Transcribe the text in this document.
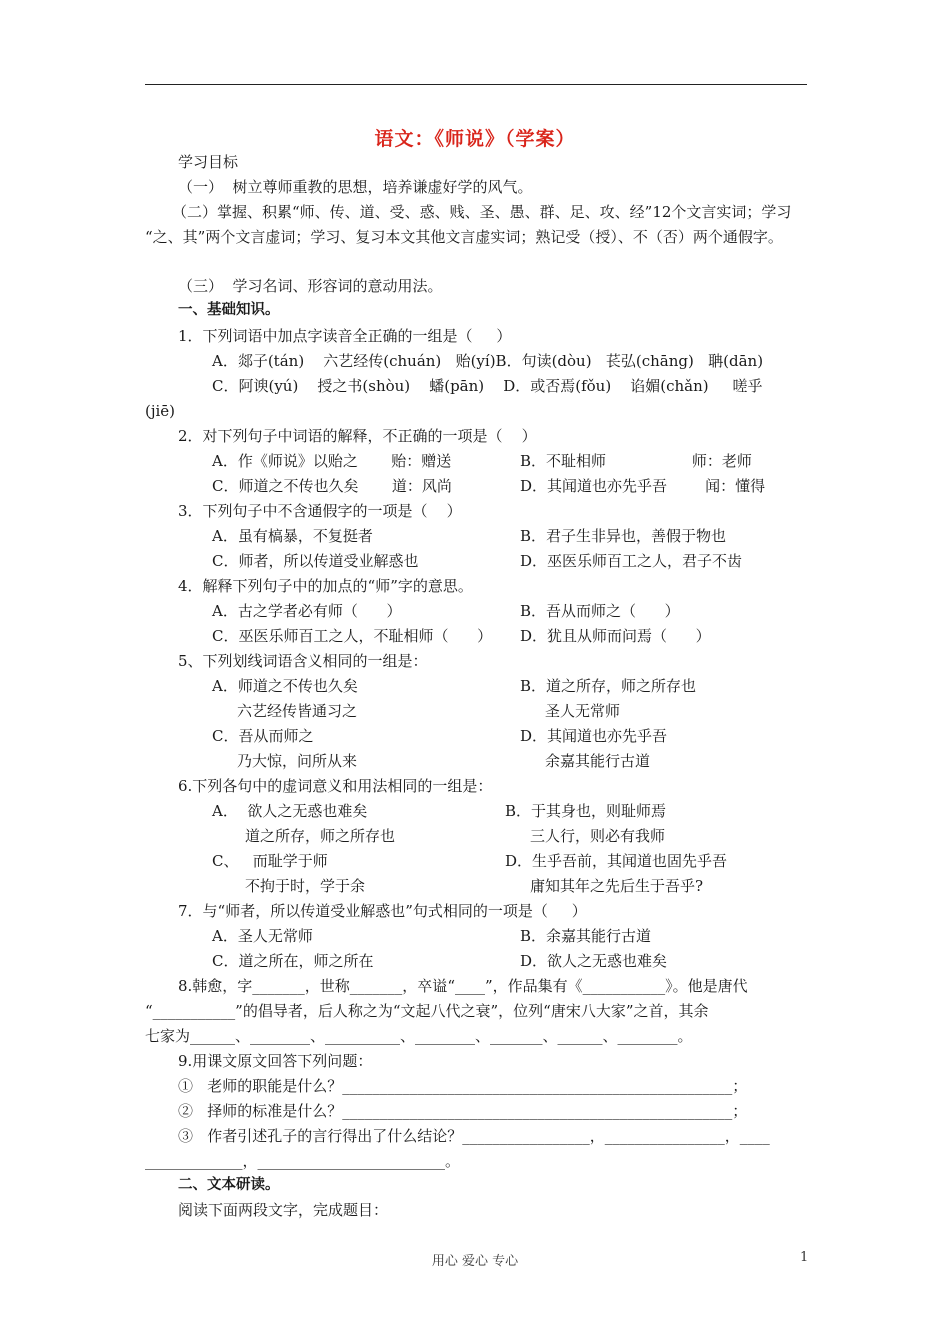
语文：《师说》（学案）
学习目标
（一）  树立尊师重教的思想，培养谦虚好学的风气。
（二）掌握、积累“师、传、道、受、惑、贱、圣、愚、群、足、攻、经”12个文言实词；学习
“之、其”两个文言虚词；学习、复习本文其他文言虚实词；熟记受（授）、不（否）两个通假字。
（三）  学习名词、形容词的意动用法。
一、基础知识。
1．下列词语中加点字读音全正确的一组是（     ）
A．郯子(tán)    六艺经传(chuán)   贻(yí)B．句读(dòu)   苌弘(chāng)   聃(dān)
C．阿谀(yú)    授之书(shòu)    蟠(pān)    D．或否焉(fǒu)    谄媚(chǎn)     嗟乎
(jiē)
2．对下列句子中词语的解释，不正确的一项是（    ）
A．作《师说》以贻之       贻：赠送	B．不耻相师                  师：老师
C．师道之不传也久矣       道：风尚	D．其闻道也亦先乎吾        闻：懂得
3．下列句子中不含通假字的一项是（    ）
A．虽有槁暴，不复挺者	B．君子生非异也，善假于物也
C．师者，所以传道受业解惑也	D．巫医乐师百工之人，君子不齿
4．解释下列句子中的加点的“师”字的意思。
A．古之学者必有师（      ）	B．吾从而师之（      ）
C．巫医乐师百工之人，不耻相师（      ） D．犹且从师而问焉（      ）
5、下列划线词语含义相同的一组是：
A．师道之不传也久矣	B．道之所存，师之所存也
六艺经传皆通习之	圣人无常师
C．吾从而师之	D．其闻道也亦先乎吾
乃大惊，问所从来	余嘉其能行古道
6.下列各句中的虚词意义和用法相同的一组是：
A．  欲人之无惑也难矣	B．于其身也，则耻师焉
道之所存，师之所存也	三人行，则必有我师
C、   而耻学于师	D．生乎吾前，其闻道也固先乎吾
不拘于时，学于余	庸知其年之先后生于吾乎?
7．与“师者，所以传道受业解惑也”句式相同的一项是（     ）
A．圣人无常师	B．余嘉其能行古道
C．道之所在，师之所在	D．欲人之无惑也难矣
8.韩愈，字_______，世称_______，卒谥“____”，作品集有《___________》。他是唐代
“___________”的倡导者，后人称之为“文起八代之衰”，位列“唐宋八大家”之首，其余
七家为______、________、__________、________、_______、______、________。
9.用课文原文回答下列问题：
①   老师的职能是什么？____________________________________________________；
②   择师的标准是什么？____________________________________________________；
③   作者引述孔子的言行得出了什么结论？_________________，________________，____
_____________，_________________________。
二、文本研读。
阅读下面两段文字，完成题目：
用心 爱心 专心	1
